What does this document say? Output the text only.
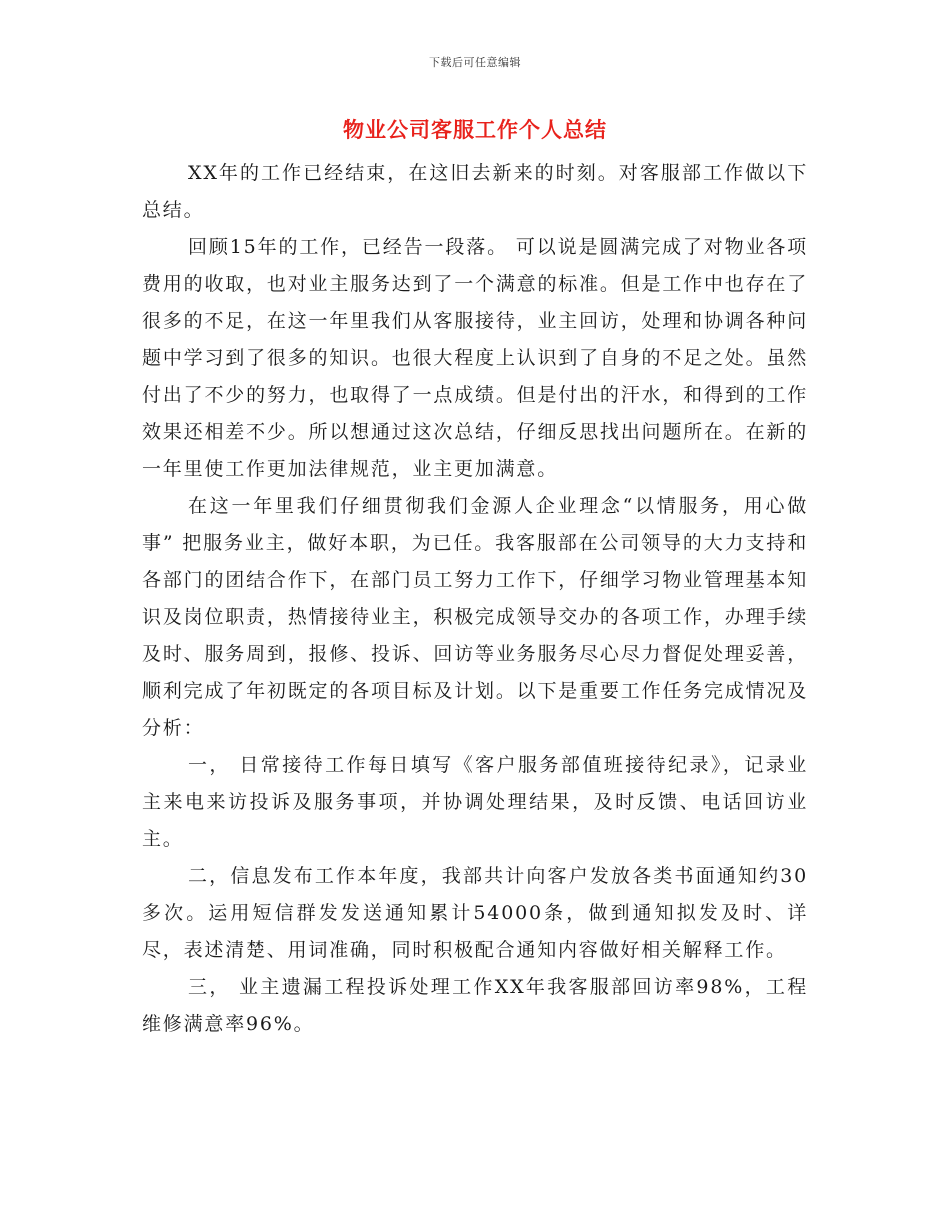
下载后可任意编辑
物业公司客服工作个人总结

XX年的工作已经结束，在这旧去新来的时刻。对客服部工作做以下总结。

回顾15年的工作，已经告一段落。 可以说是圆满完成了对物业各项费用的收取，也对业主服务达到了一个满意的标准。但是工作中也存在了很多的不足，在这一年里我们从客服接待，业主回访，处理和协调各种问题中学习到了很多的知识。也很大程度上认识到了自身的不足之处。虽然付出了不少的努力，也取得了一点成绩。但是付出的汗水，和得到的工作效果还相差不少。所以想通过这次总结，仔细反思找出问题所在。在新的一年里使工作更加法律规范，业主更加满意。

在这一年里我们仔细贯彻我们金源人企业理念“以情服务，用心做事” 把服务业主，做好本职，为已任。我客服部在公司领导的大力支持和各部门的团结合作下，在部门员工努力工作下，仔细学习物业管理基本知识及岗位职责，热情接待业主，积极完成领导交办的各项工作，办理手续及时、服务周到，报修、投诉、回访等业务服务尽心尽力督促处理妥善，顺利完成了年初既定的各项目标及计划。以下是重要工作任务完成情况及分析：

一， 日常接待工作每日填写《客户服务部值班接待纪录》，记录业主来电来访投诉及服务事项，并协调处理结果，及时反馈、电话回访业主。

二，信息发布工作本年度，我部共计向客户发放各类书面通知约30多次。运用短信群发发送通知累计54000条，做到通知拟发及时、详尽，表述清楚、用词准确，同时积极配合通知内容做好相关解释工作。

三， 业主遗漏工程投诉处理工作XX年我客服部回访率98%，工程维修满意率96%。
